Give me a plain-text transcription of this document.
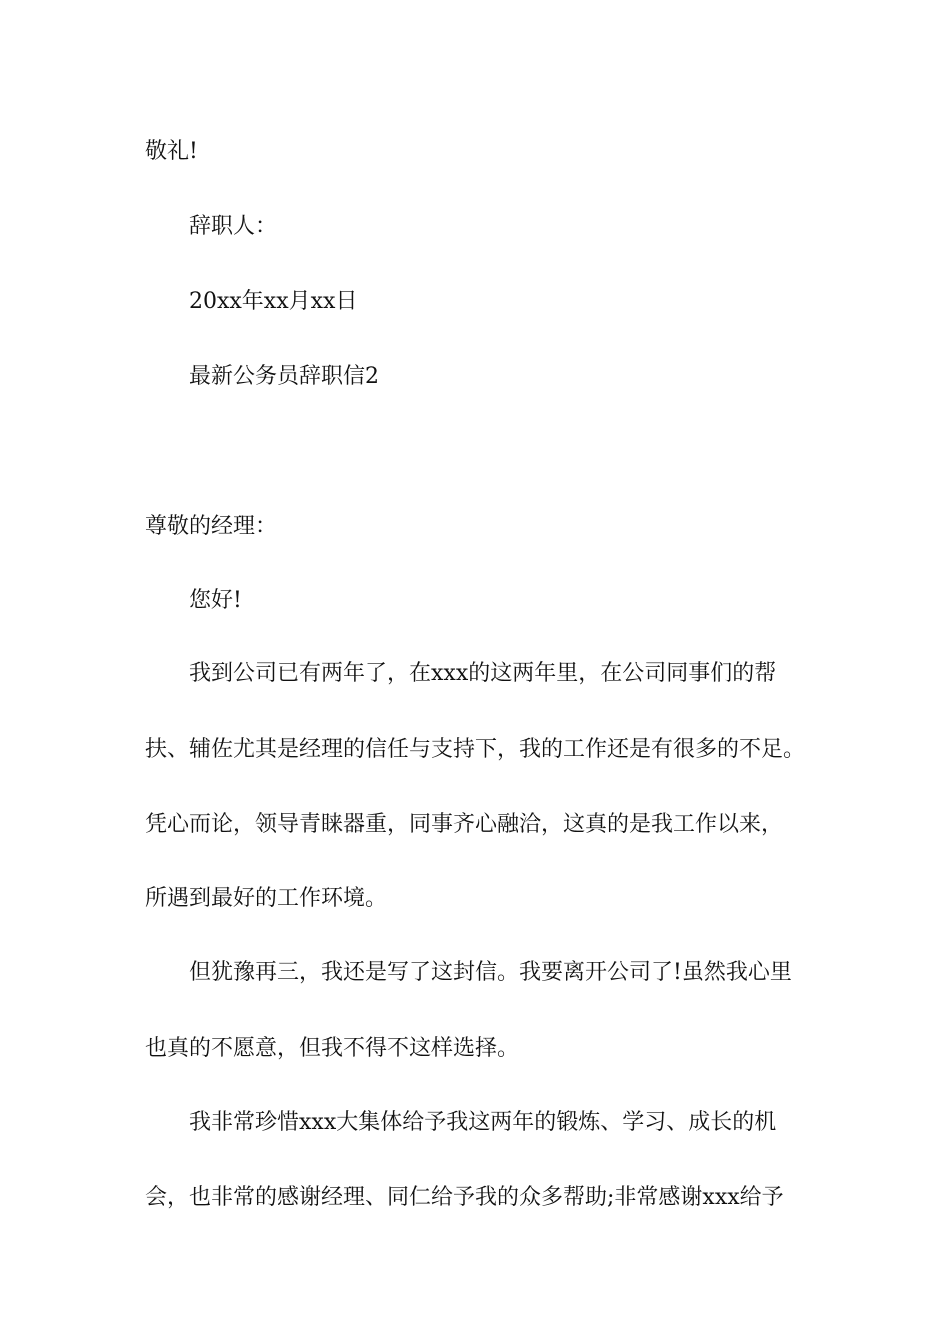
敬礼!
辞职人：
20xx年xx月xx日
最新公务员辞职信2
尊敬的经理：
您好!
我到公司已有两年了，在xxx的这两年里，在公司同事们的帮
扶、辅佐尤其是经理的信任与支持下，我的工作还是有很多的不足。
凭心而论，领导青睐器重，同事齐心融洽，这真的是我工作以来，
所遇到最好的工作环境。
但犹豫再三，我还是写了这封信。我要离开公司了!虽然我心里
也真的不愿意，但我不得不这样选择。
我非常珍惜xxx大集体给予我这两年的锻炼、学习、成长的机
会，也非常的感谢经理、同仁给予我的众多帮助;非常感谢xxx给予
